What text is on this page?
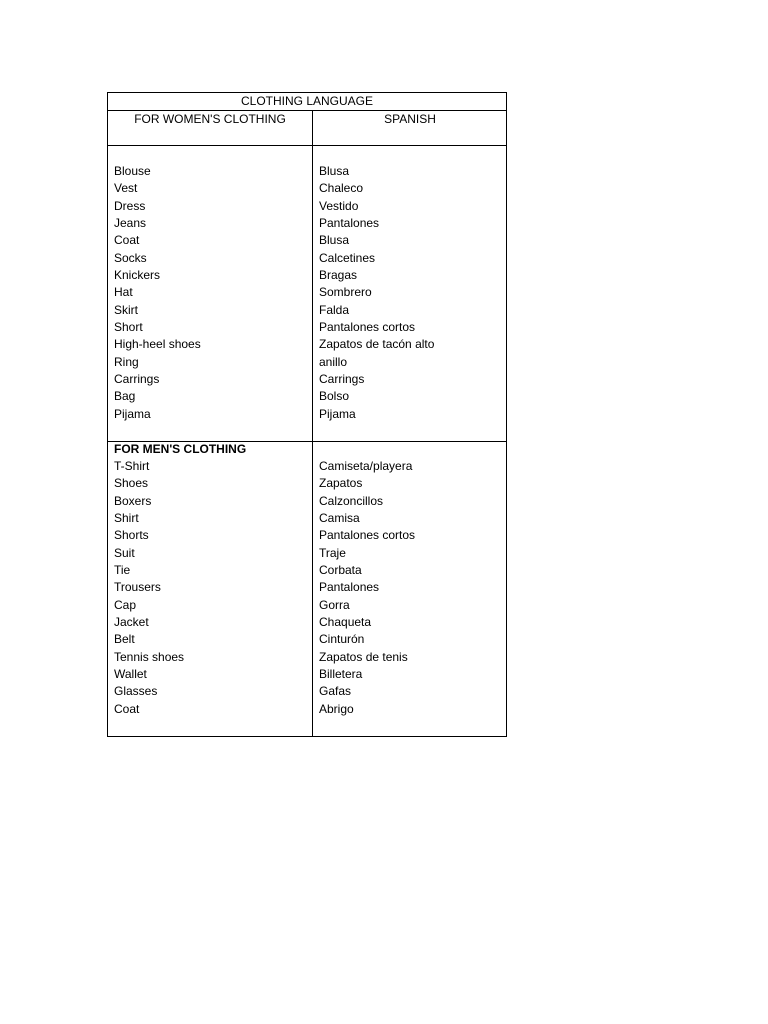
CLOTHING LANGUAGE
FOR WOMEN'S CLOTHING	SPANISH
Blouse
Vest
Dress
Jeans
Coat
Socks
Knickers
Hat
Skirt
Short
High-heel shoes
Ring
Carrings
Bag
Pijama
Blusa
Chaleco
Vestido
Pantalones
Blusa
Calcetines
Bragas
Sombrero
Falda
Pantalones cortos
Zapatos de tacón alto
anillo
Carrings
Bolso
Pijama
FOR MEN'S CLOTHING
T-Shirt
Shoes
Boxers
Shirt
Shorts
Suit
Tie
Trousers
Cap
Jacket
Belt
Tennis shoes
Wallet
Glasses
Coat
Camiseta/playera
Zapatos
Calzoncillos
Camisa
Pantalones cortos
Traje
Corbata
Pantalones
Gorra
Chaqueta
Cinturón
Zapatos de tenis
Billetera
Gafas
Abrigo
